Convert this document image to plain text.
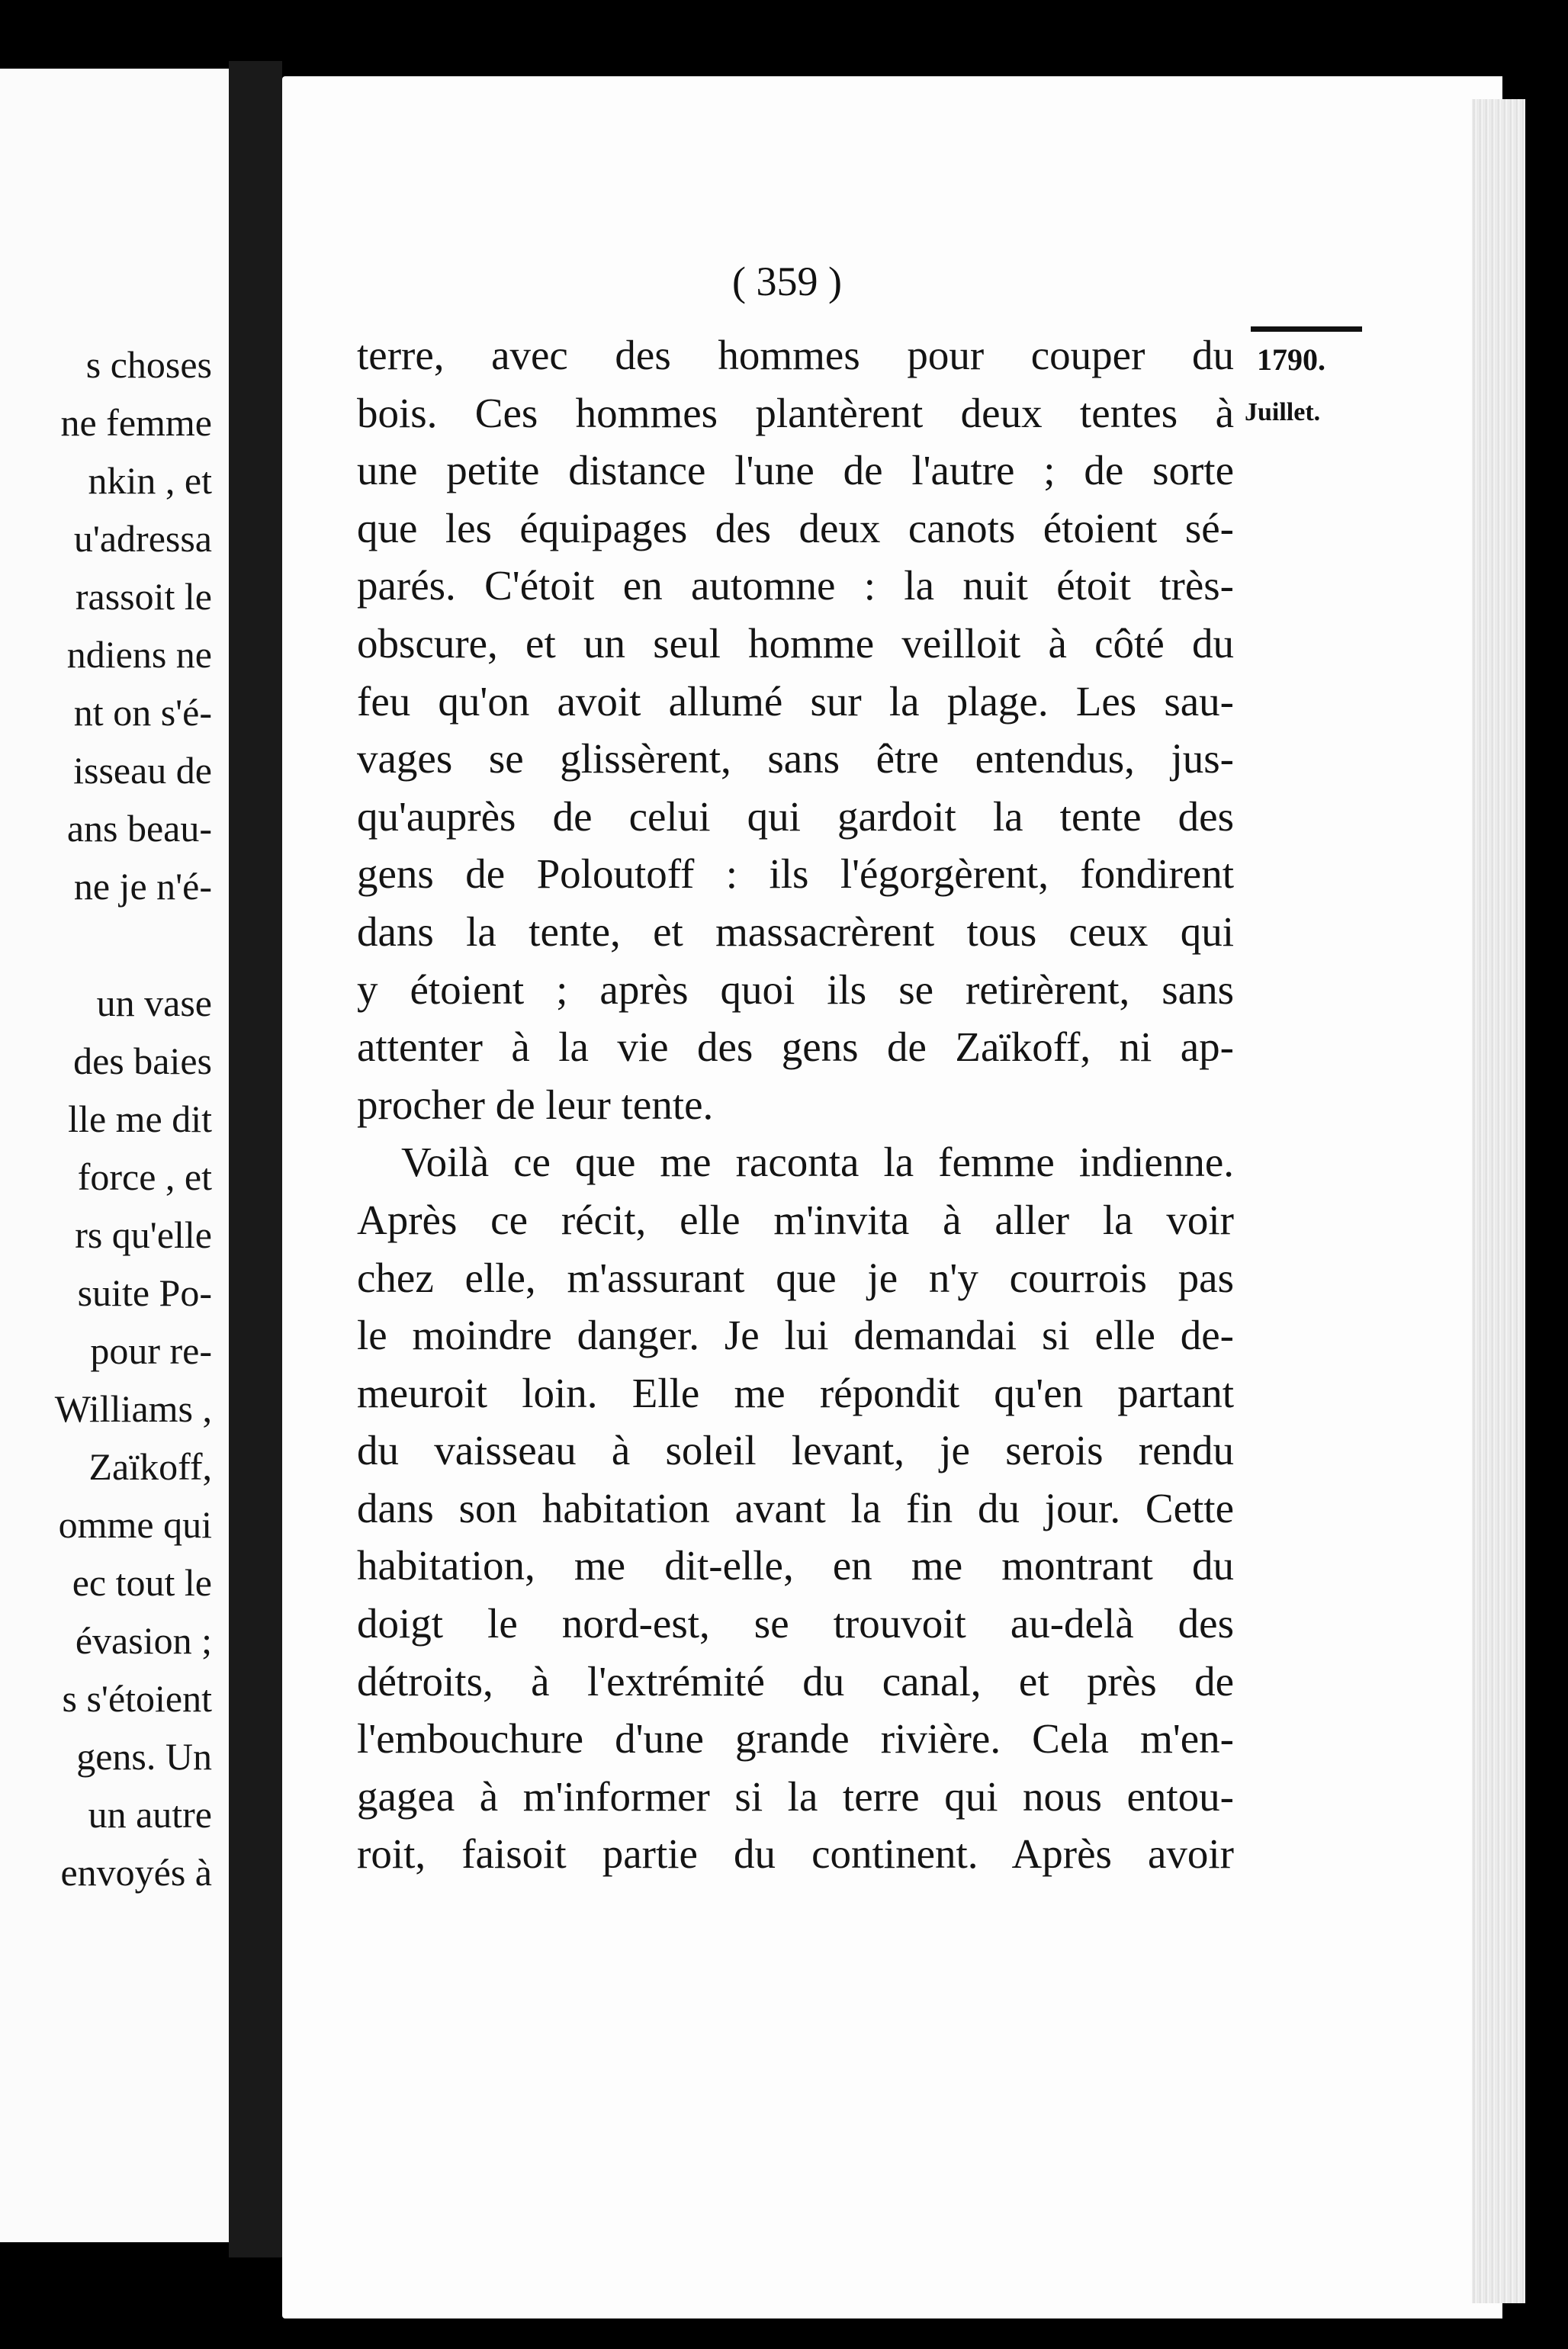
s choses
ne femme
nkin , et
u'adressa
rassoit le
ndiens ne
nt on s'é-
isseau de
ans beau-
ne je n'é-
un vase
des baies
lle me dit
force , et
rs qu'elle
suite Po-
pour re-
Williams ,
Zaïkoff,
omme qui
ec tout le
évasion ;
s s'étoient
gens. Un
un autre
envoyés à
( 359 )
1790.
Juillet.
terre, avec des hommes pour couper du
bois. Ces hommes plantèrent deux tentes à
une petite distance l'une de l'autre ; de sorte
que les équipages des deux canots étoient sé-
parés. C'étoit en automne : la nuit étoit très-
obscure, et un seul homme veilloit à côté du
feu qu'on avoit allumé sur la plage. Les sau-
vages se glissèrent, sans être entendus, jus-
qu'auprès de celui qui gardoit la tente des
gens de Poloutoff : ils l'égorgèrent, fondirent
dans la tente, et massacrèrent tous ceux qui
y étoient ; après quoi ils se retirèrent, sans
attenter à la vie des gens de Zaïkoff, ni ap-
procher de leur tente.
Voilà ce que me raconta la femme indienne.
Après ce récit, elle m'invita à aller la voir
chez elle, m'assurant que je n'y courrois pas
le moindre danger. Je lui demandai si elle de-
meuroit loin. Elle me répondit qu'en partant
du vaisseau à soleil levant, je serois rendu
dans son habitation avant la fin du jour. Cette
habitation, me dit-elle, en me montrant du
doigt le nord-est, se trouvoit au-delà des
détroits, à l'extrémité du canal, et près de
l'embouchure d'une grande rivière. Cela m'en-
gagea à m'informer si la terre qui nous entou-
roit, faisoit partie du continent. Après avoir
